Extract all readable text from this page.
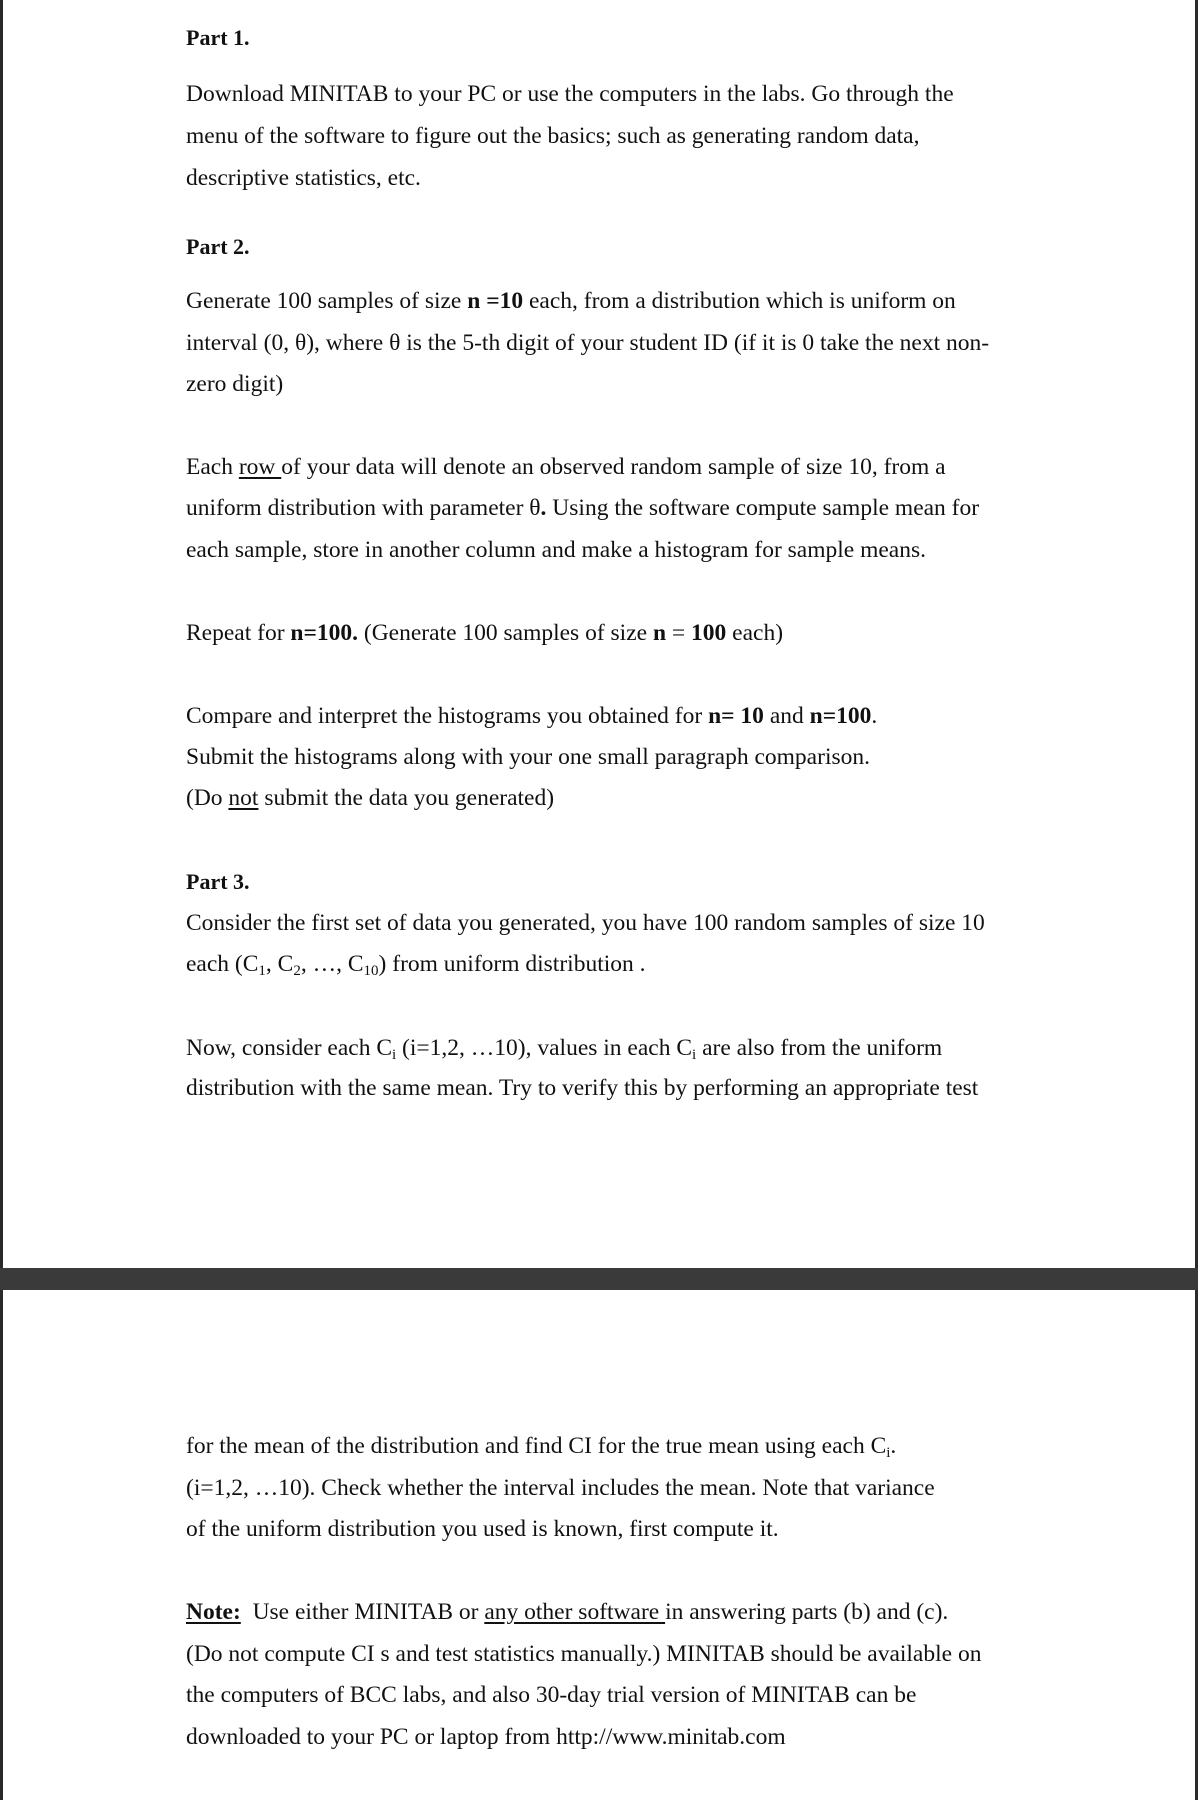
Part 1.
Download MINITAB to your PC or use the computers in the labs. Go through the
menu of the software to figure out the basics; such as generating random data,
descriptive statistics, etc.
Part 2.
Generate 100 samples of size n =10 each, from a distribution which is uniform on
interval (0, θ), where θ is the 5-th digit of your student ID (if it is 0 take the next non-
zero digit)
Each row of your data will denote an observed random sample of size 10, from a
uniform distribution with parameter θ. Using the software compute sample mean for
each sample, store in another column and make a histogram for sample means.
Repeat for n=100. (Generate 100 samples of size n = 100 each)
Compare and interpret the histograms you obtained for n= 10 and n=100.
Submit the histograms along with your one small paragraph comparison.
(Do not submit the data you generated)
Part 3.
Consider the first set of data you generated, you have 100 random samples of size 10
each ($C_1$, $C_2$, …, $C_{10}$) from uniform distribution .
Now, consider each $C_i$ (i=1,2, …10), values in each $C_i$ are also from the uniform
distribution with the same mean. Try to verify this by performing an appropriate test
for the mean of the distribution and find CI for the true mean using each $C_i$.
(i=1,2, …10). Check whether the interval includes the mean. Note that variance
of the uniform distribution you used is known, first compute it.
Note:  Use either MINITAB or any other software in answering parts (b) and (c).
(Do not compute CI s and test statistics manually.) MINITAB should be available on
the computers of BCC labs, and also 30-day trial version of MINITAB can be
downloaded to your PC or laptop from http://www.minitab.com
